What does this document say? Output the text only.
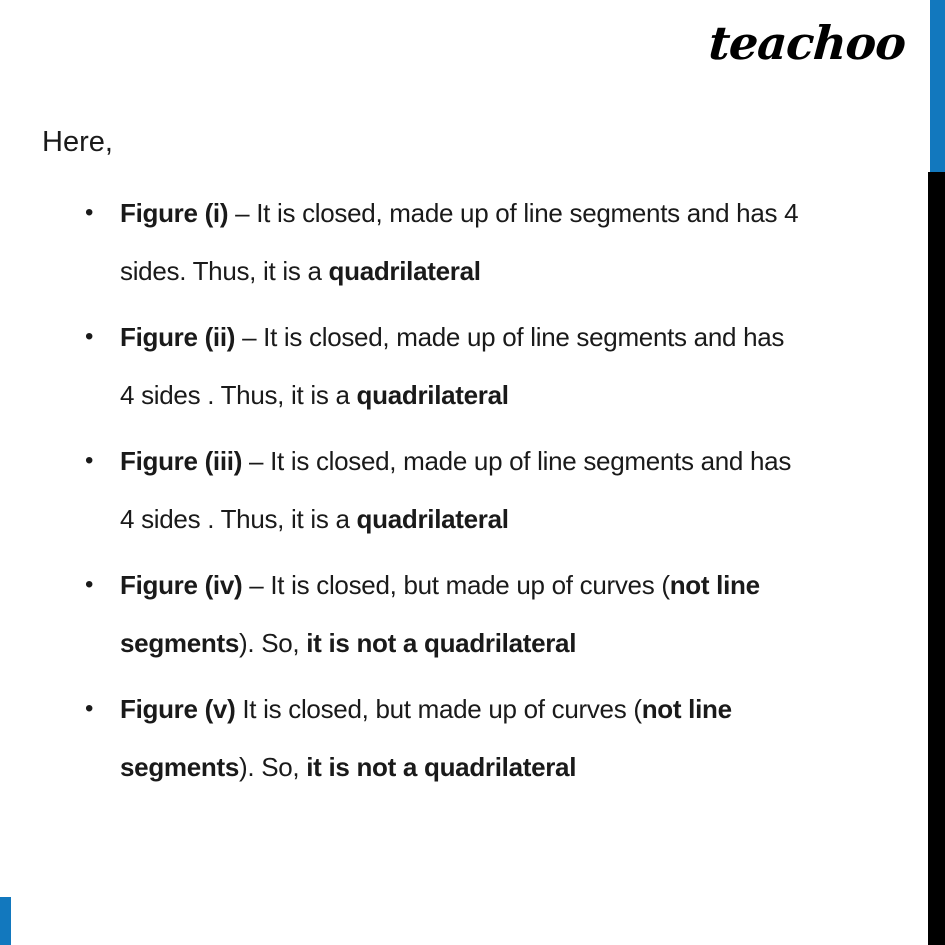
teachoo
Here,
•	Figure (i) – It is closed, made up of line segments and has 4
sides. Thus, it is a quadrilateral
•	Figure (ii) – It is closed, made up of line segments and has
4 sides . Thus, it is a quadrilateral
•	Figure (iii) – It is closed, made up of line segments and has
4 sides . Thus, it is a quadrilateral
•	Figure (iv) – It is closed, but made up of curves (not line
segments). So, it is not a quadrilateral
•	Figure (v) It is closed, but made up of curves (not line
segments). So, it is not a quadrilateral
